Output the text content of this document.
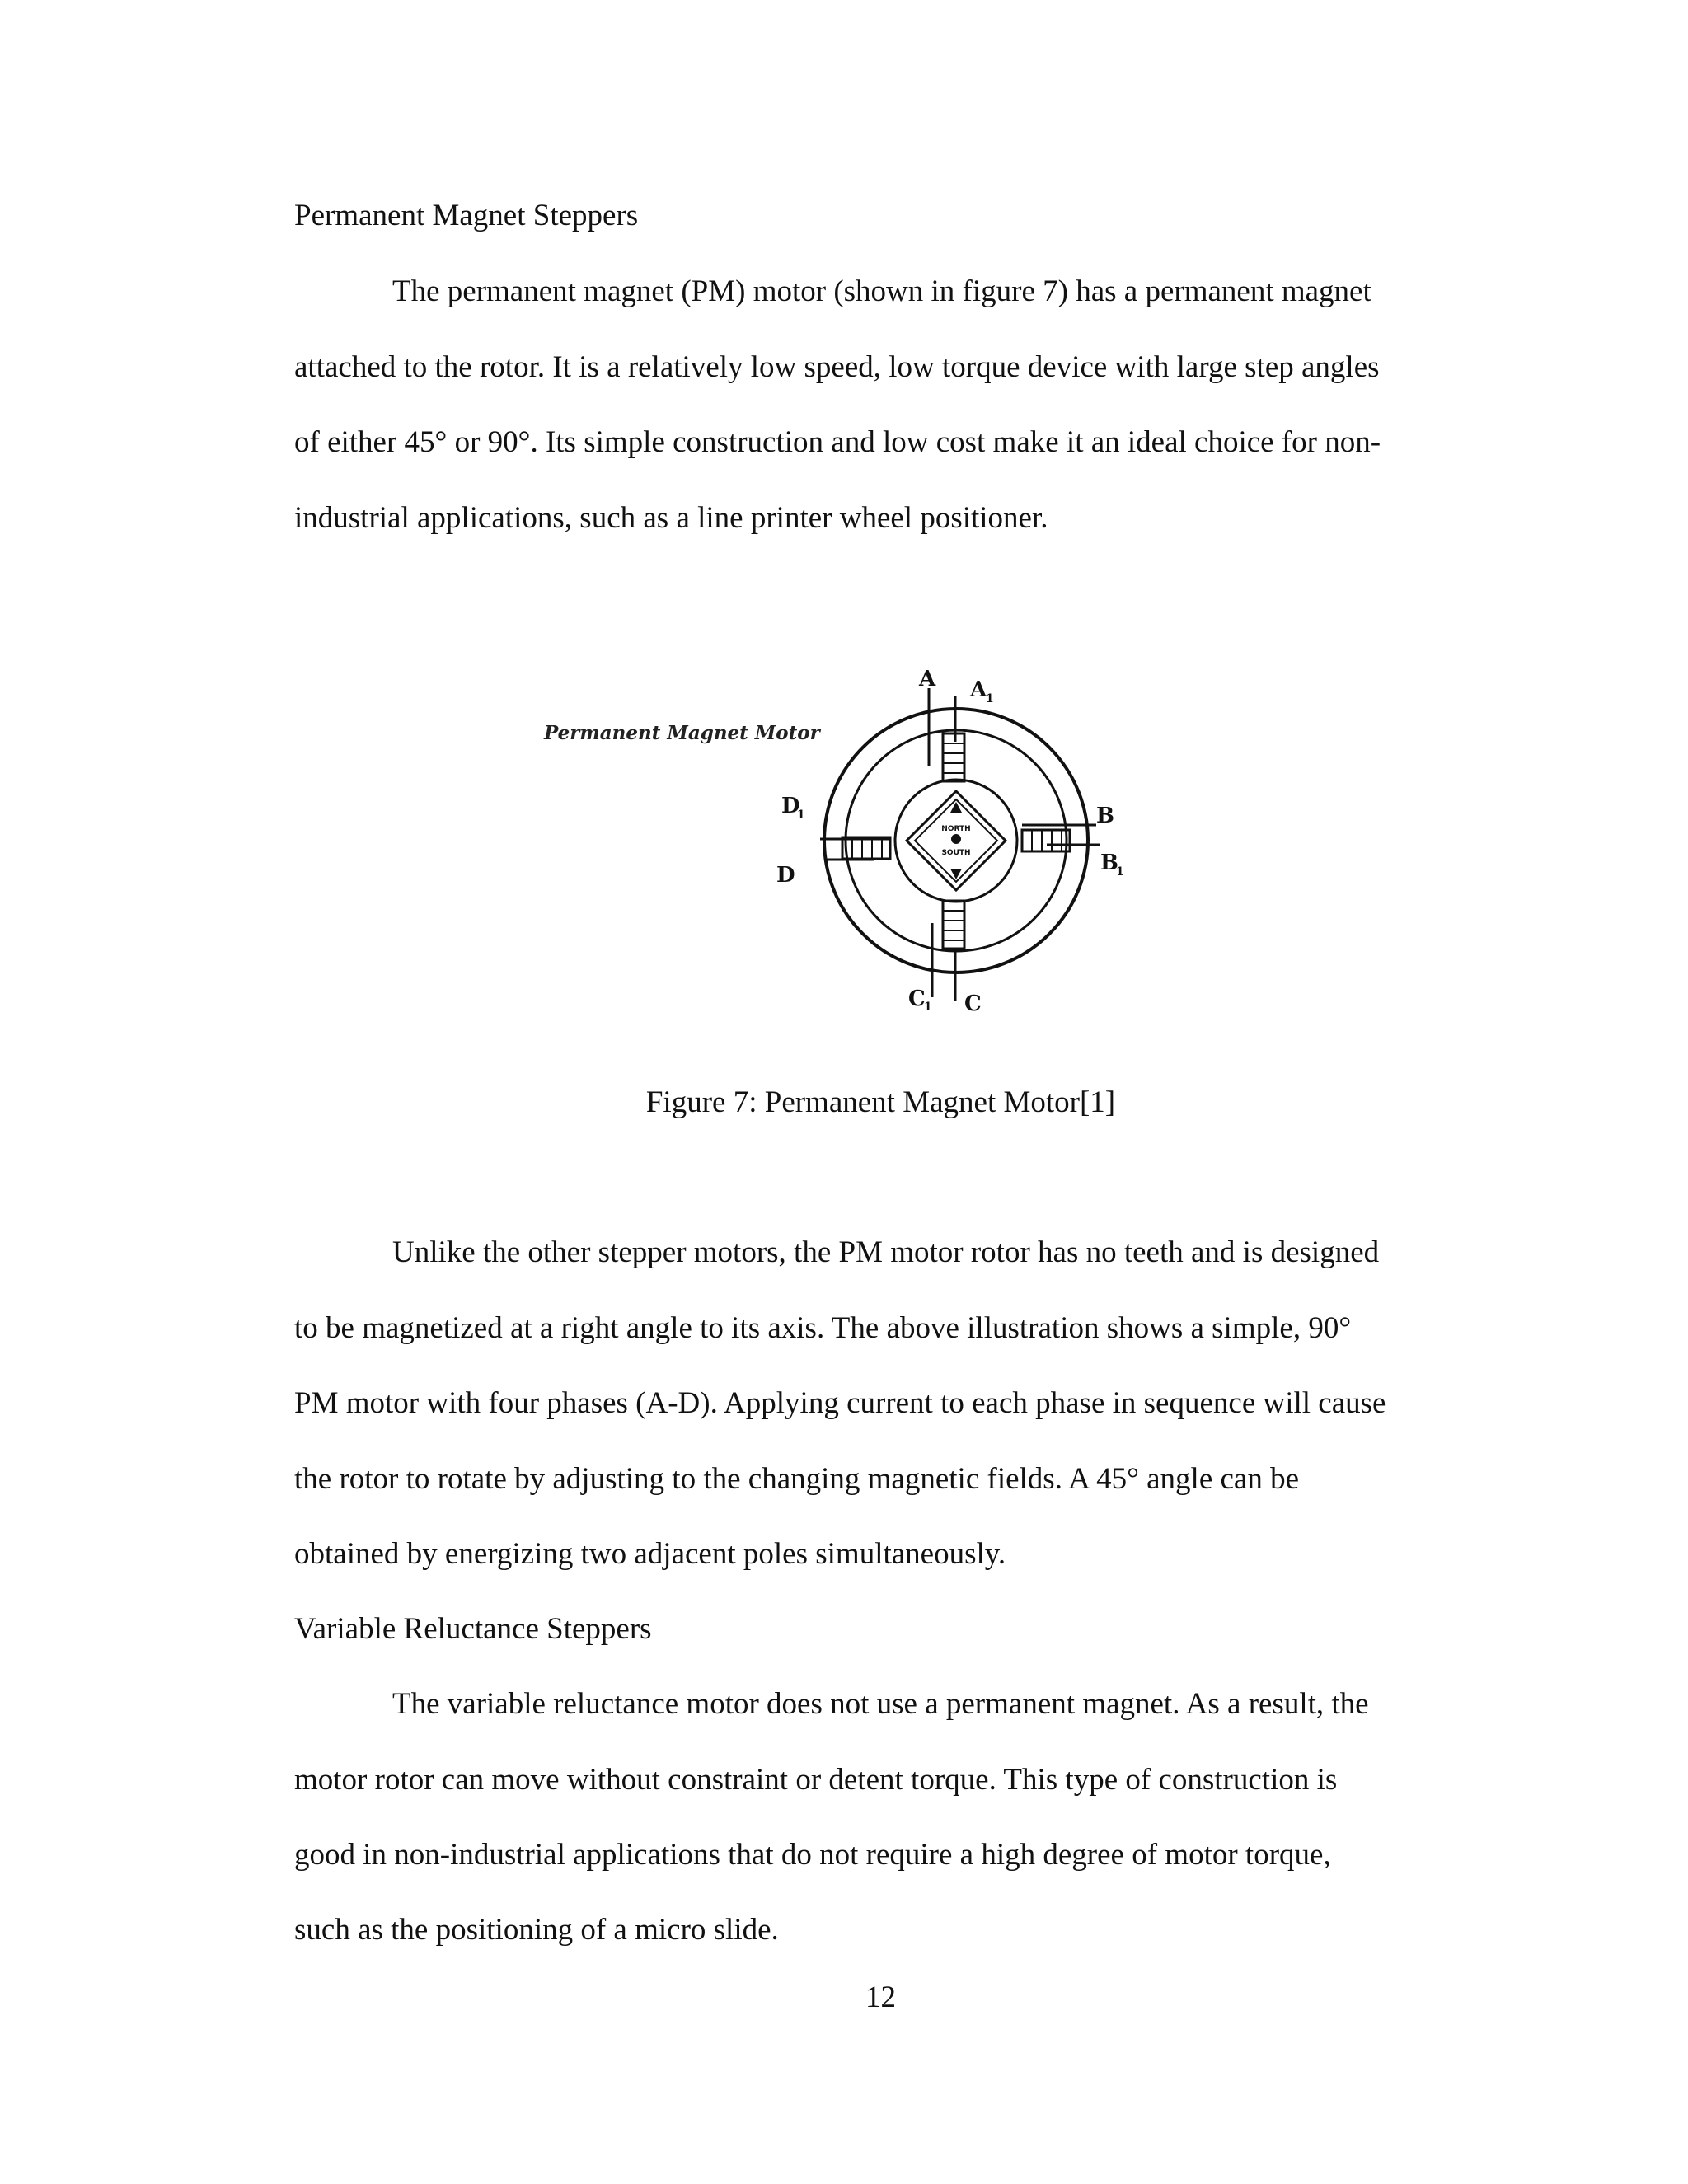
Permanent Magnet Steppers
The permanent magnet (PM) motor (shown in figure 7) has a permanent magnet
attached to the rotor. It is a relatively low speed, low torque device with large step angles
of either 45° or 90°. Its simple construction and low cost make it an ideal choice for non-
industrial applications, such as a line printer wheel positioner.
Permanent Magnet Motor
NORTH
SOUTH
A A
1
C
1 C
D
1
D
B
B
1
Figure 7: Permanent Magnet Motor[1]
Unlike the other stepper motors, the PM motor rotor has no teeth and is designed
to be magnetized at a right angle to its axis. The above illustration shows a simple, 90°
PM motor with four phases (A-D). Applying current to each phase in sequence will cause
the rotor to rotate by adjusting to the changing magnetic fields. A 45° angle can be
obtained by energizing two adjacent poles simultaneously.
Variable Reluctance Steppers
The variable reluctance motor does not use a permanent magnet. As a result, the
motor rotor can move without constraint or detent torque. This type of construction is
good in non-industrial applications that do not require a high degree of motor torque,
such as the positioning of a micro slide.
12
